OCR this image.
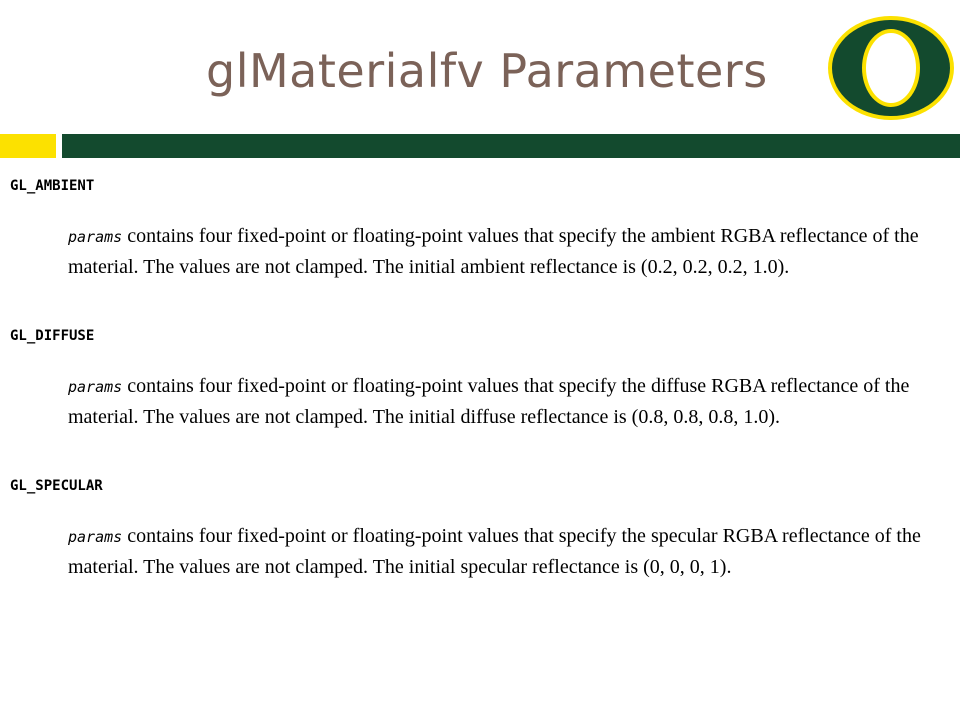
glMaterialfv Parameters
GL_AMBIENT
params contains four fixed-point or floating-point values that specify the ambient RGBA reflectance of the material. The values are not clamped. The initial ambient reflectance is (0.2, 0.2, 0.2, 1.0).
GL_DIFFUSE
params contains four fixed-point or floating-point values that specify the diffuse RGBA reflectance of the material. The values are not clamped. The initial diffuse reflectance is (0.8, 0.8, 0.8, 1.0).
GL_SPECULAR
params contains four fixed-point or floating-point values that specify the specular RGBA reflectance of the material. The values are not clamped. The initial specular reflectance is (0, 0, 0, 1).
